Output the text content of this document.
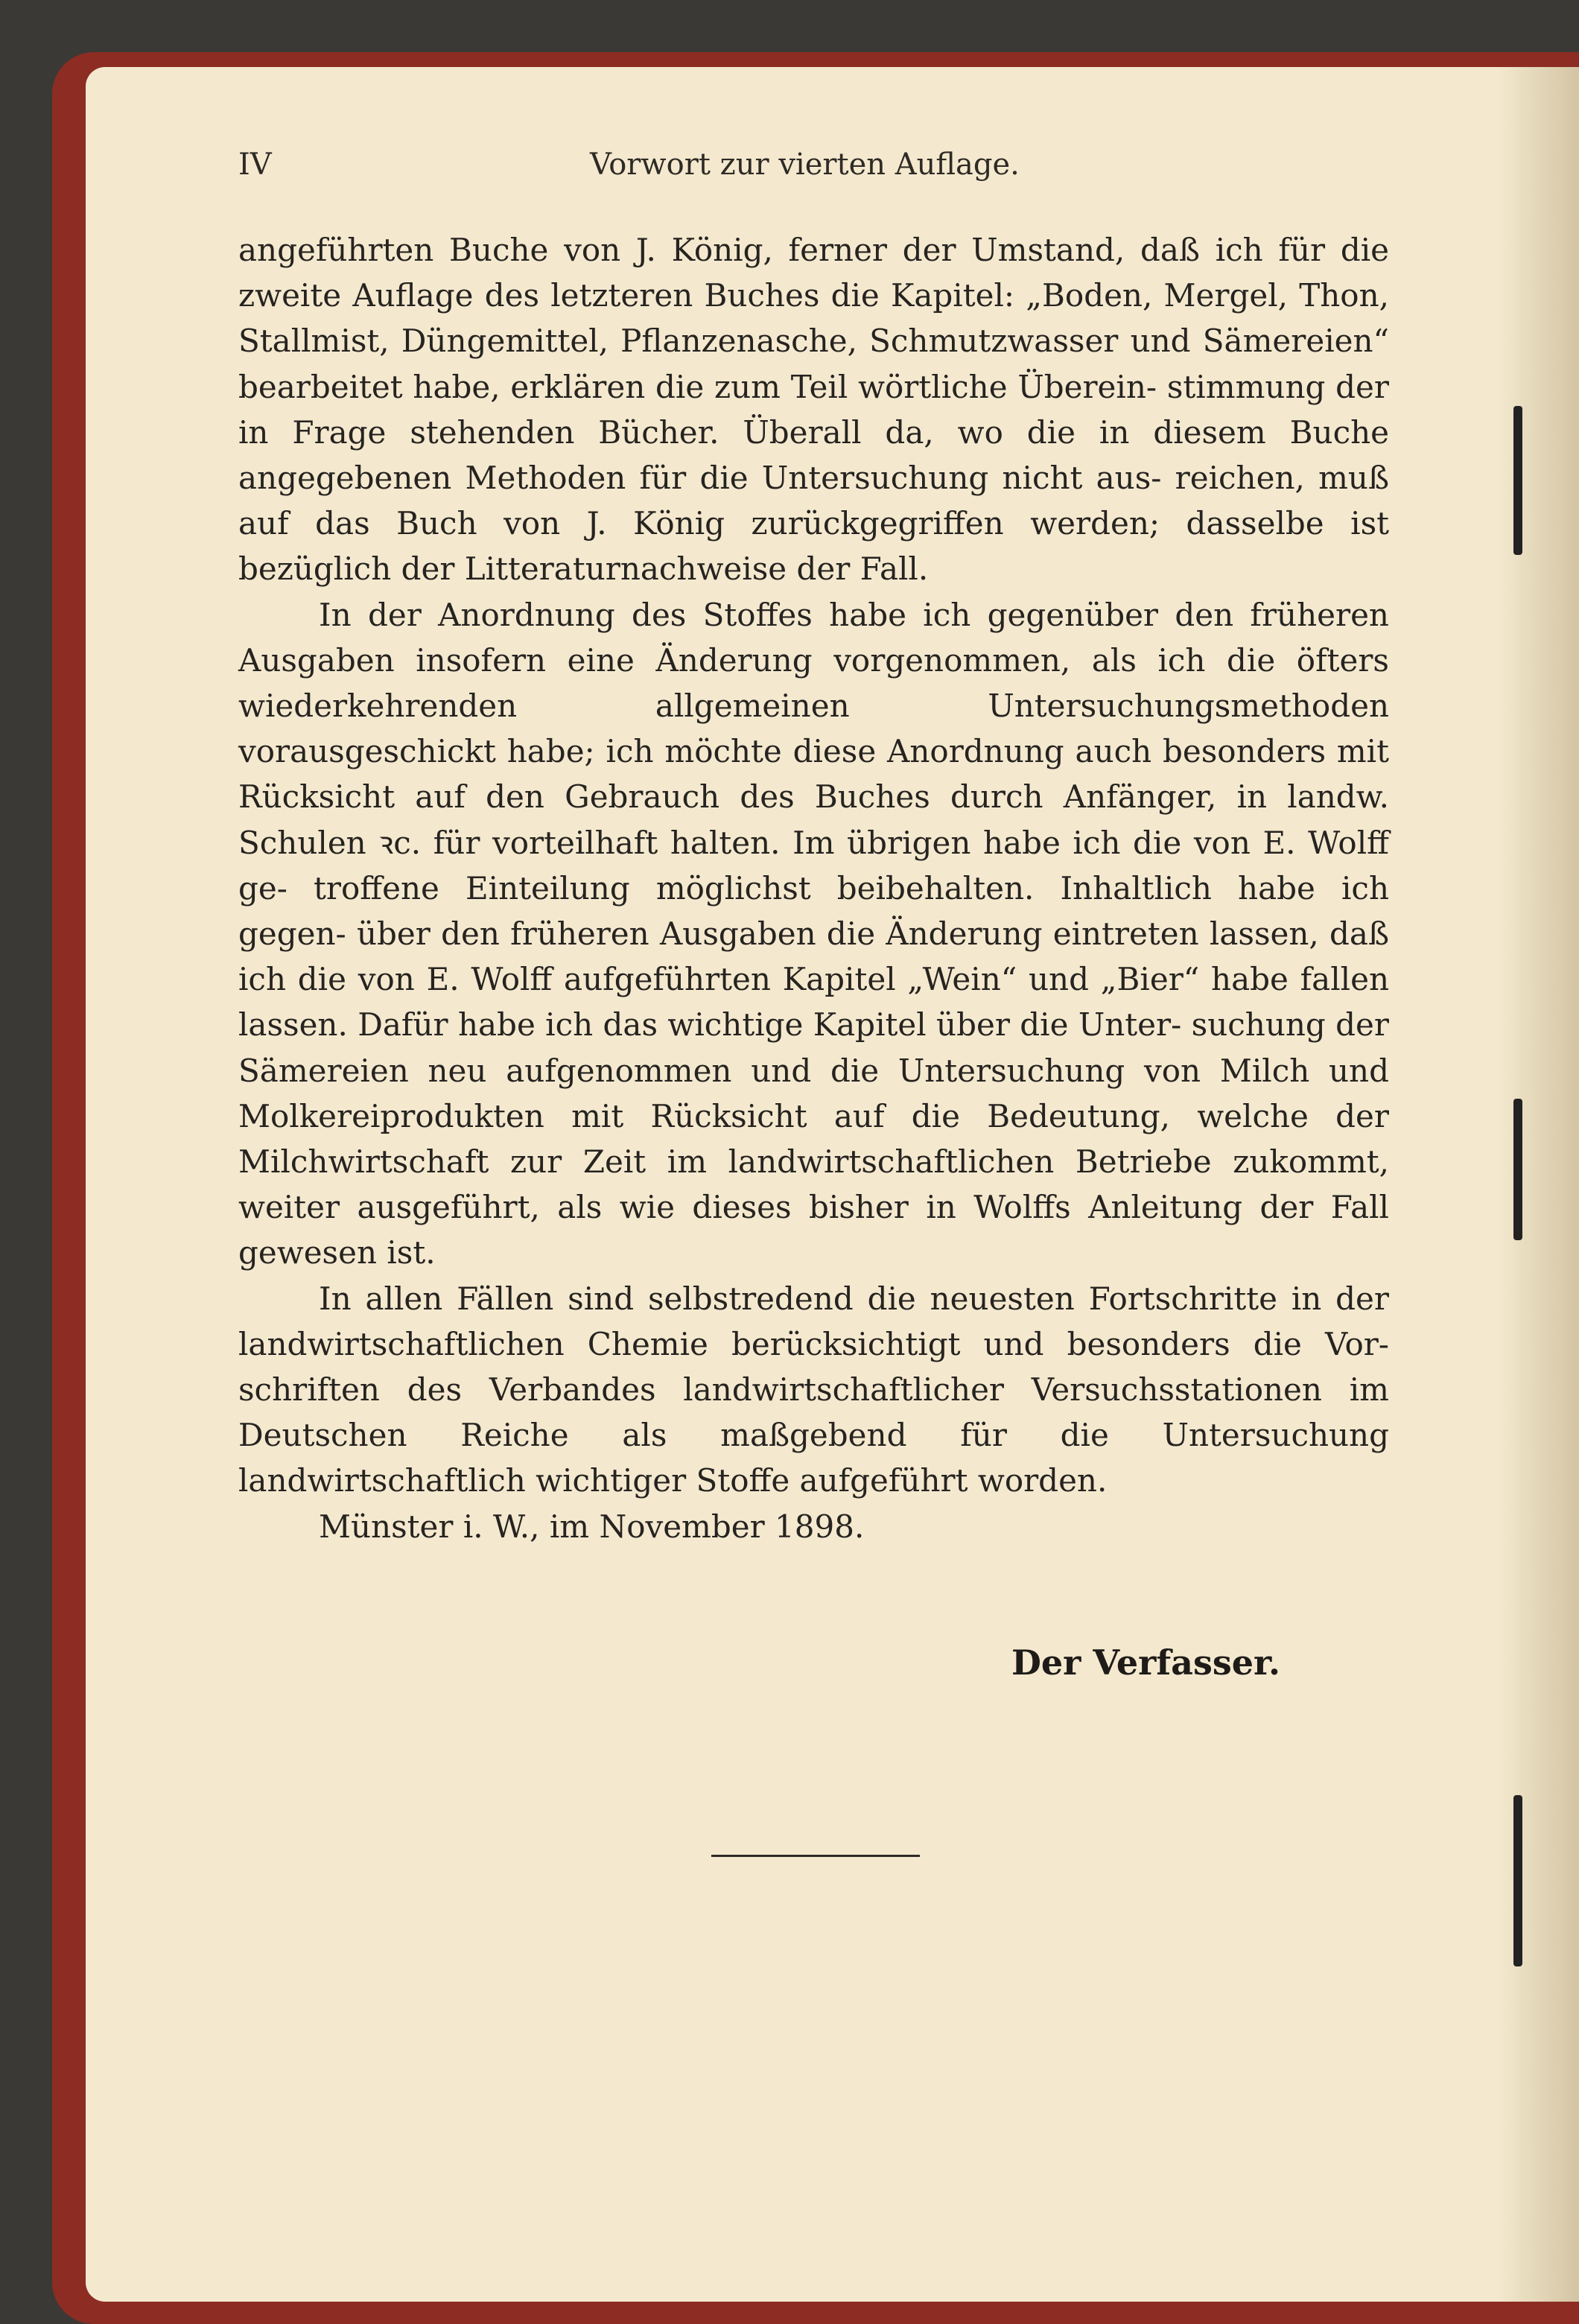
IV	Vorwort zur vierten Auflage.

angeführten Buche von J. König, ferner der Umstand, daß ich für die zweite Auflage des letzteren Buches die Kapitel: „Boden, Mergel, Thon, Stallmist, Düngemittel, Pflanzenasche, Schmutzwasser und Sämereien“ bearbeitet habe, erklären die zum Teil wörtliche Überein- stimmung der in Frage stehenden Bücher. Überall da, wo die in diesem Buche angegebenen Methoden für die Untersuchung nicht aus- reichen, muß auf das Buch von J. König zurückgegriffen werden; dasselbe ist bezüglich der Litteraturnachweise der Fall.

In der Anordnung des Stoffes habe ich gegenüber den früheren Ausgaben insofern eine Änderung vorgenommen, als ich die öfters wiederkehrenden allgemeinen Untersuchungsmethoden vorausgeschickt habe; ich möchte diese Anordnung auch besonders mit Rücksicht auf den Gebrauch des Buches durch Anfänger, in landw. Schulen ꝛc. für vorteilhaft halten. Im übrigen habe ich die von E. Wolff ge- troffene Einteilung möglichst beibehalten. Inhaltlich habe ich gegen- über den früheren Ausgaben die Änderung eintreten lassen, daß ich die von E. Wolff aufgeführten Kapitel „Wein“ und „Bier“ habe fallen lassen. Dafür habe ich das wichtige Kapitel über die Unter- suchung der Sämereien neu aufgenommen und die Untersuchung von Milch und Molkereiprodukten mit Rücksicht auf die Bedeutung, welche der Milchwirtschaft zur Zeit im landwirtschaftlichen Betriebe zukommt, weiter ausgeführt, als wie dieses bisher in Wolffs Anleitung der Fall gewesen ist.

In allen Fällen sind selbstredend die neuesten Fortschritte in der landwirtschaftlichen Chemie berücksichtigt und besonders die Vor- schriften des Verbandes landwirtschaftlicher Versuchsstationen im Deutschen Reiche als maßgebend für die Untersuchung landwirtschaftlich wichtiger Stoffe aufgeführt worden.

Münster i. W., im November 1898.

Der Verfasser.
